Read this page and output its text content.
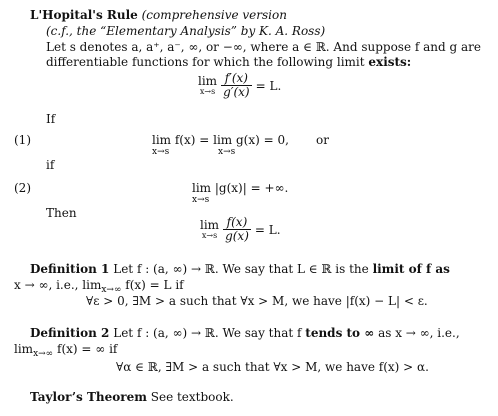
L'Hopital's Rule (comprehensive version
(c.f., the “Elementary Analysis” by K. A. Ross)
Let s denotes a, a⁺, a⁻, ∞, or −∞, where a ∈ ℝ. And suppose f and g are
differentiable functions for which the following limit exists:
lim
$x\to s \frac{f'(x)}{g'(x)} = L$.
If
(1)	lim f(x) = lim g(x) = 0,
x→s	x→s
or
if
(2)	lim |g(x)| = +∞.
x→s
Then
lim
$x\to s \frac{f(x)}{g(x)} = L$.
Definition 1 Let f : (a, ∞) → ℝ. We say that L ∈ ℝ is the limit of f as
x → ∞, i.e., $\lim_{x\to\infty} f(x) = L$ if
∀ε > 0, ∃M > a such that ∀x > M, we have |f(x) − L| < ε.
Definition 2 Let f : (a, ∞) → ℝ. We say that f tends to ∞ as x → ∞, i.e.,
$\lim_{x\to\infty} f(x)$ = ∞ if
∀α ∈ ℝ, ∃M > a such that ∀x > M, we have f(x) > α.
Taylor’s Theorem See textbook.
